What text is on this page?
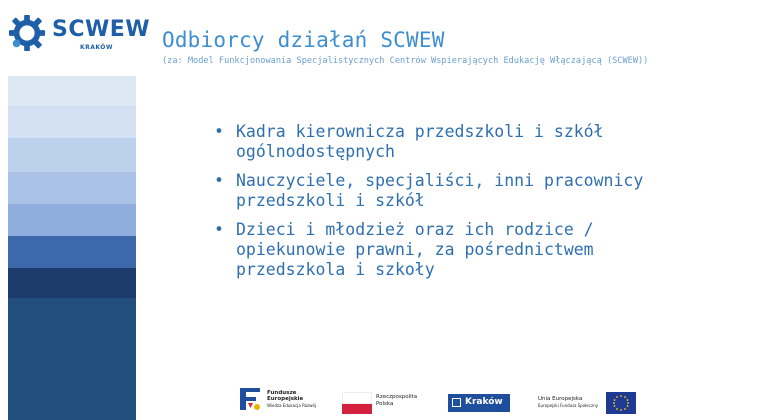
SCWEW
KRAKÓW Odbiorcy działań SCWEW
(za: Model Funkcjonowania Specjalistycznych Centrów Wspierających Edukację Włączającą (SCWEW))
• Kadra kierownicza przedszkoli i szkół ogólnodostępnych
• Nauczyciele, specjaliści, inni pracownicy przedszkoli i szkół
• Dzieci i młodzież oraz ich rodzice / opiekunowie prawni, za pośrednictwem przedszkola i szkoły
Fundusze
Europejskie
Wiedza Edukacja Rozwój
Rzeczpospolita
Polska	Kraków	Unia Europejska
Europejski Fundusz Społeczny
